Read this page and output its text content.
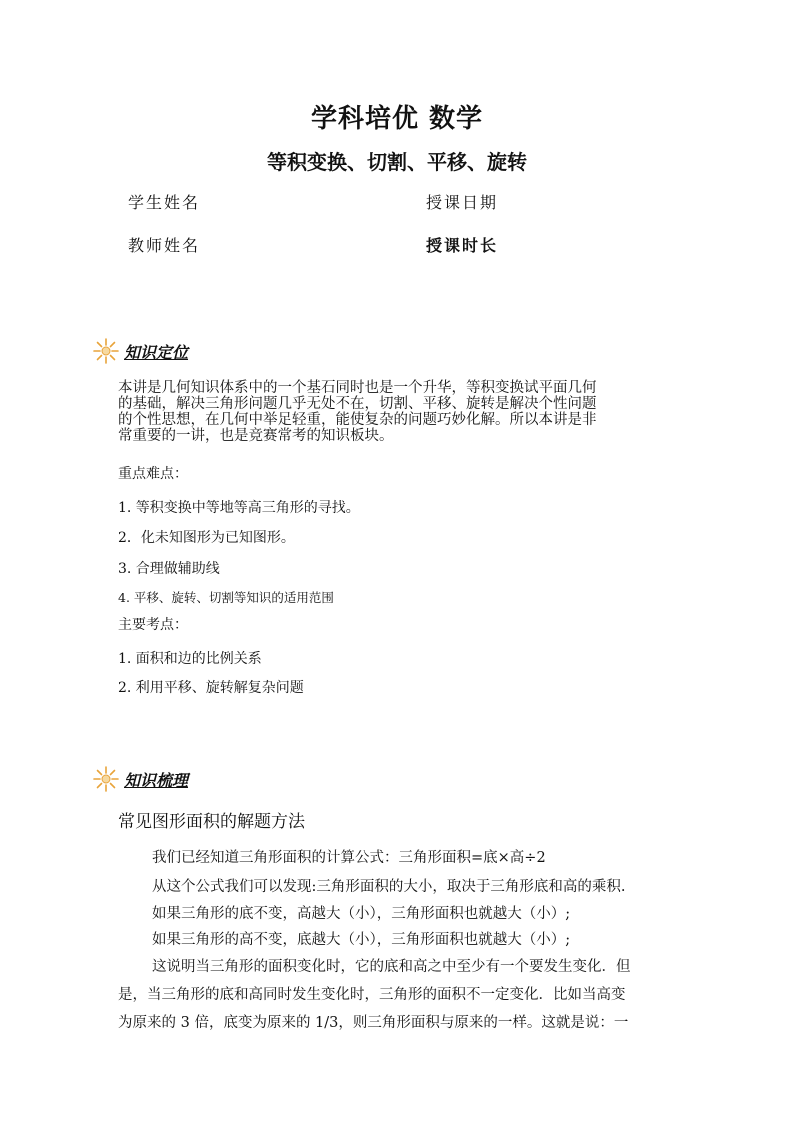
学科培优 数学
等积变换、切割、平移、旋转
学生姓名	授课日期
教师姓名	授课时长
知识定位
本讲是几何知识体系中的一个基石同时也是一个升华，等积变换试平面几何
的基础，解决三角形问题几乎无处不在，切割、平移、旋转是解决个性问题
的个性思想，在几何中举足轻重，能使复杂的问题巧妙化解。所以本讲是非
常重要的一讲，也是竞赛常考的知识板块。
重点难点：
1. 等积变换中等地等高三角形的寻找。
2．化未知图形为已知图形。
3. 合理做辅助线
4. 平移、旋转、切割等知识的适用范围
主要考点：
1. 面积和边的比例关系
2. 利用平移、旋转解复杂问题
知识梳理
常见图形面积的解题方法
我们已经知道三角形面积的计算公式：三角形面积=底×高÷2
从这个公式我们可以发现:三角形面积的大小，取决于三角形底和高的乘积.
如果三角形的底不变，高越大（小），三角形面积也就越大（小）;
如果三角形的高不变，底越大（小），三角形面积也就越大（小）;
这说明当三角形的面积变化时，它的底和高之中至少有一个要发生变化．但
是，当三角形的底和高同时发生变化时，三角形的面积不一定变化．比如当高变
为原来的 3 倍，底变为原来的 1/3，则三角形面积与原来的一样。这就是说：一
